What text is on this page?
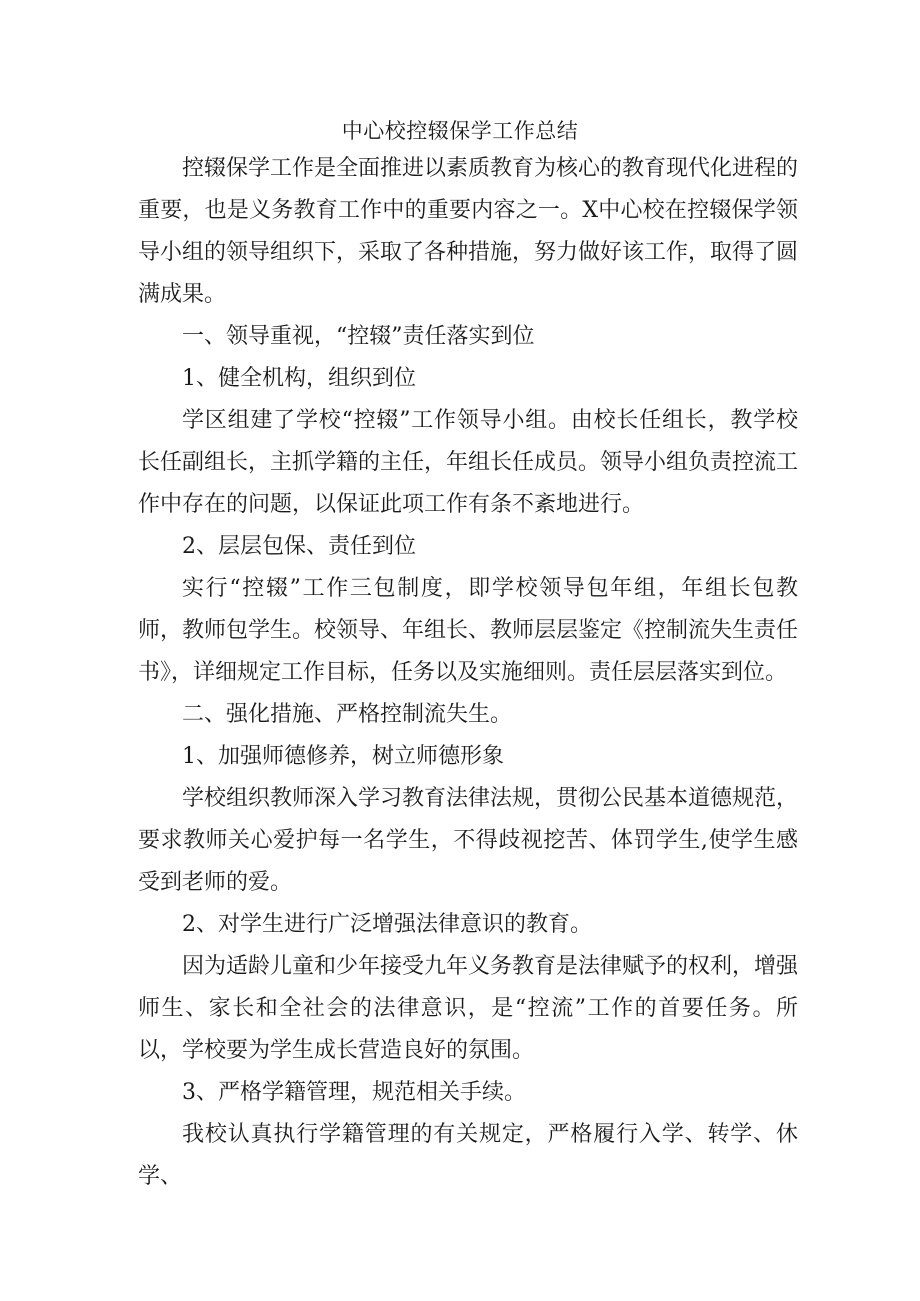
中心校控辍保学工作总结

控辍保学工作是全面推进以素质教育为核心的教育现代化进程的重要，也是义务教育工作中的重要内容之一。X中心校在控辍保学领导小组的领导组织下，采取了各种措施，努力做好该工作，取得了圆满成果。

一、领导重视，“控辍”责任落实到位

1、健全机构，组织到位

学区组建了学校“控辍”工作领导小组。由校长任组长，教学校长任副组长，主抓学籍的主任，年组长任成员。领导小组负责控流工作中存在的问题，以保证此项工作有条不紊地进行。

2、层层包保、责任到位

实行“控辍”工作三包制度，即学校领导包年组，年组长包教师，教师包学生。校领导、年组长、教师层层鉴定《控制流失生责任书》，详细规定工作目标，任务以及实施细则。责任层层落实到位。

二、强化措施、严格控制流失生。

1、加强师德修养，树立师德形象

学校组织教师深入学习教育法律法规，贯彻公民基本道德规范，要求教师关心爱护每一名学生，不得歧视挖苦、体罚学生,使学生感受到老师的爱。

2、对学生进行广泛增强法律意识的教育。

因为适龄儿童和少年接受九年义务教育是法律赋予的权利，增强师生、家长和全社会的法律意识，是“控流”工作的首要任务。所以，学校要为学生成长营造良好的氛围。

3、严格学籍管理，规范相关手续。

我校认真执行学籍管理的有关规定，严格履行入学、转学、休学、
